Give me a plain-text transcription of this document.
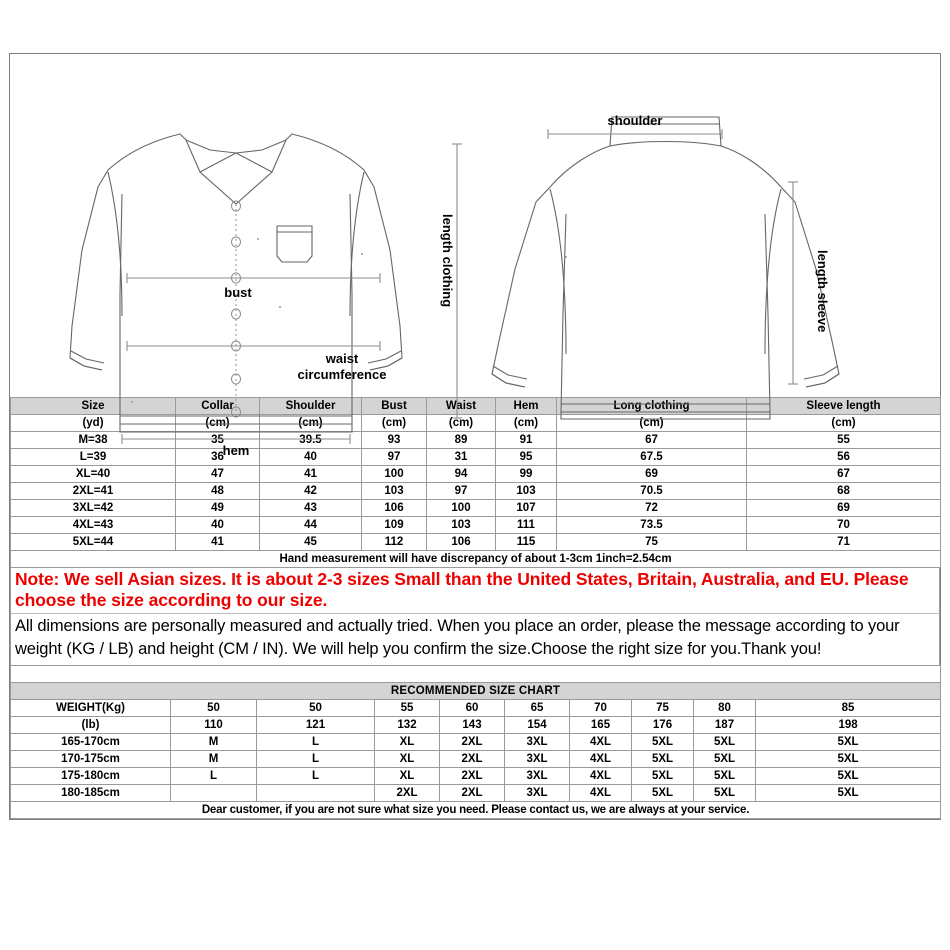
bust
waist
circumference
hem
length clothing
shoulder
length sleeve
Size	Collar	Shoulder	Bust	Waist	Hem	Long clothing	Sleeve length
(yd)	(cm)	(cm)	(cm)	(cm)	(cm)	(cm)	(cm)
M=38	35	39.5	93	89	91	67	55
L=39	36	40	97	31	95	67.5	56
XL=40	47	41	100	94	99	69	67
2XL=41	48	42	103	97	103	70.5	68
3XL=42	49	43	106	100	107	72	69
4XL=43	40	44	109	103	111	73.5	70
5XL=44	41	45	112	106	115	75	71
Hand measurement will have discrepancy of about 1-3cm 1inch=2.54cm							

Note: We sell Asian sizes. It is about 2-3 sizes Small than the United States, Britain, Australia, and EU. Please choose the size according to our size.

All dimensions are personally measured and actually tried. When you place an order, please the message according to your weight (KG / LB) and height (CM / IN). We will help you confirm the size.Choose the right size for you.Thank you!

RECOMMENDED SIZE CHART									
WEIGHT(Kg)	50	50	55	60	65	70	75	80	85
(lb)	110	121	132	143	154	165	176	187	198
165-170cm	M	L	XL	2XL	3XL	4XL	5XL	5XL	5XL
170-175cm	M	L	XL	2XL	3XL	4XL	5XL	5XL	5XL
175-180cm	L	L	XL	2XL	3XL	4XL	5XL	5XL	5XL
180-185cm			2XL	2XL	3XL	4XL	5XL	5XL	5XL
Dear customer, if you are not sure what size you need. Please contact us, we are always at your service.									
